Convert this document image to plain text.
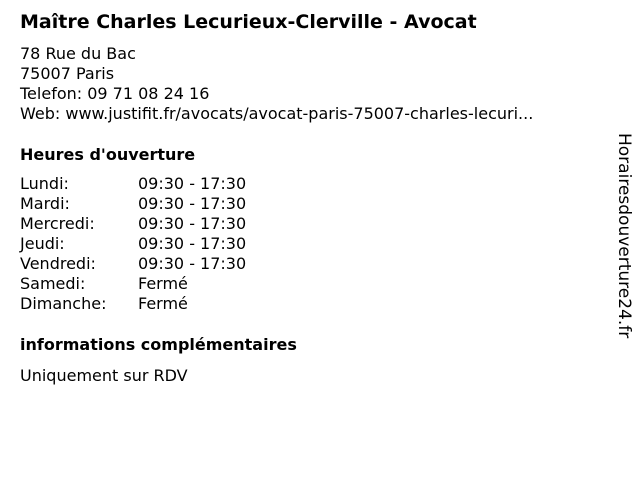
Maître Charles Lecurieux-Clerville - Avocat
78 Rue du Bac
75007 Paris
Telefon: 09 71 08 24 16
Web: www.justifit.fr/avocats/avocat-paris-75007-charles-lecuri...
Heures d'ouverture
Lundi:	09:30 - 17:30
Mardi:	09:30 - 17:30
Mercredi:	09:30 - 17:30
Jeudi:	09:30 - 17:30
Vendredi:	09:30 - 17:30
Samedi:	Fermé
Dimanche: Fermé
informations complémentaires
Uniquement sur RDV
Horairesdouverture24.fr
